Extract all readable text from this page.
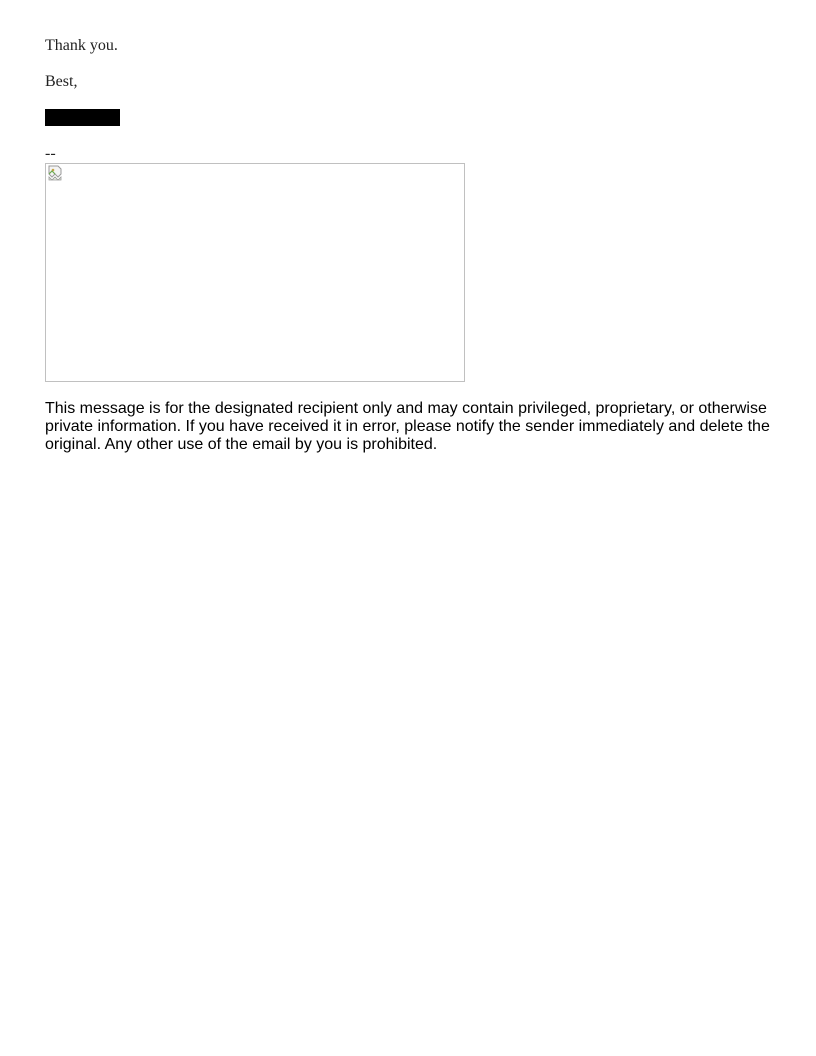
Thank you.

Best,

--

This message is for the designated recipient only and may contain privileged, proprietary, or otherwise private information. If you have received it in error, please notify the sender immediately and delete the original. Any other use of the email by you is prohibited.
